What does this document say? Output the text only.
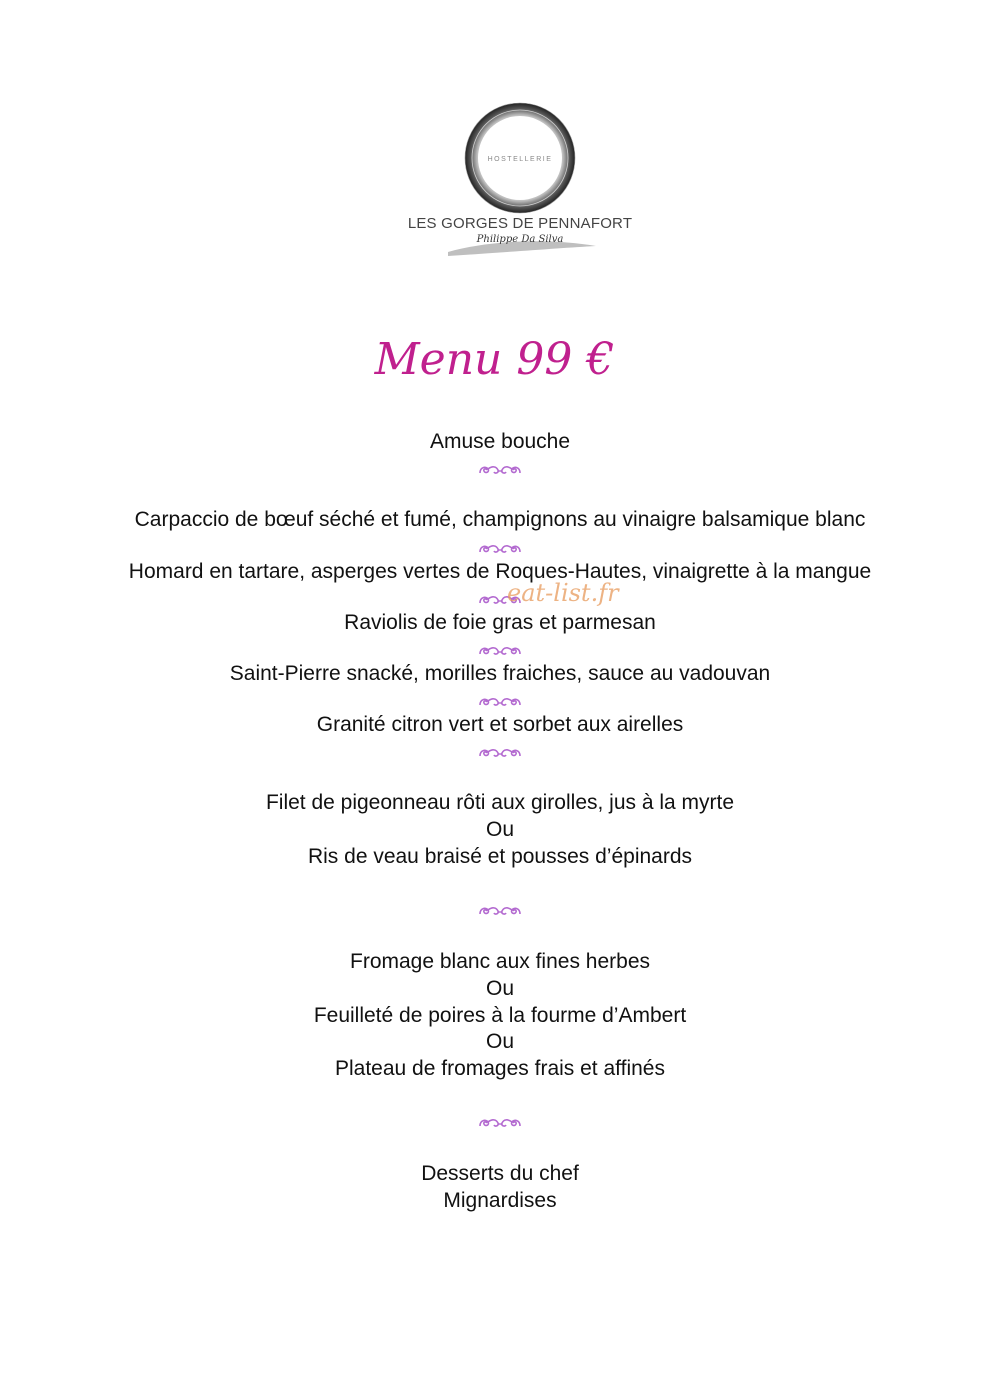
HOSTELLERIE
LES GORGES DE PENNAFORT
Philippe Da Silva
Menu 99 €
Amuse bouche
Carpaccio de bœuf séché et fumé, champignons au vinaigre balsamique blanc
Homard en tartare, asperges vertes de Roques-Hautes, vinaigrette à la mangue
Raviolis de foie gras et parmesan
Saint-Pierre snacké, morilles fraiches, sauce au vadouvan
Granité citron vert et sorbet aux airelles
Filet de pigeonneau rôti aux girolles, jus à la myrte
Ou
Ris de veau braisé et pousses d’épinards
Fromage blanc aux fines herbes
Ou
Feuilleté de poires à la fourme d’Ambert
Ou
Plateau de fromages frais et affinés
Desserts du chef
Mignardises
eat-list.fr
